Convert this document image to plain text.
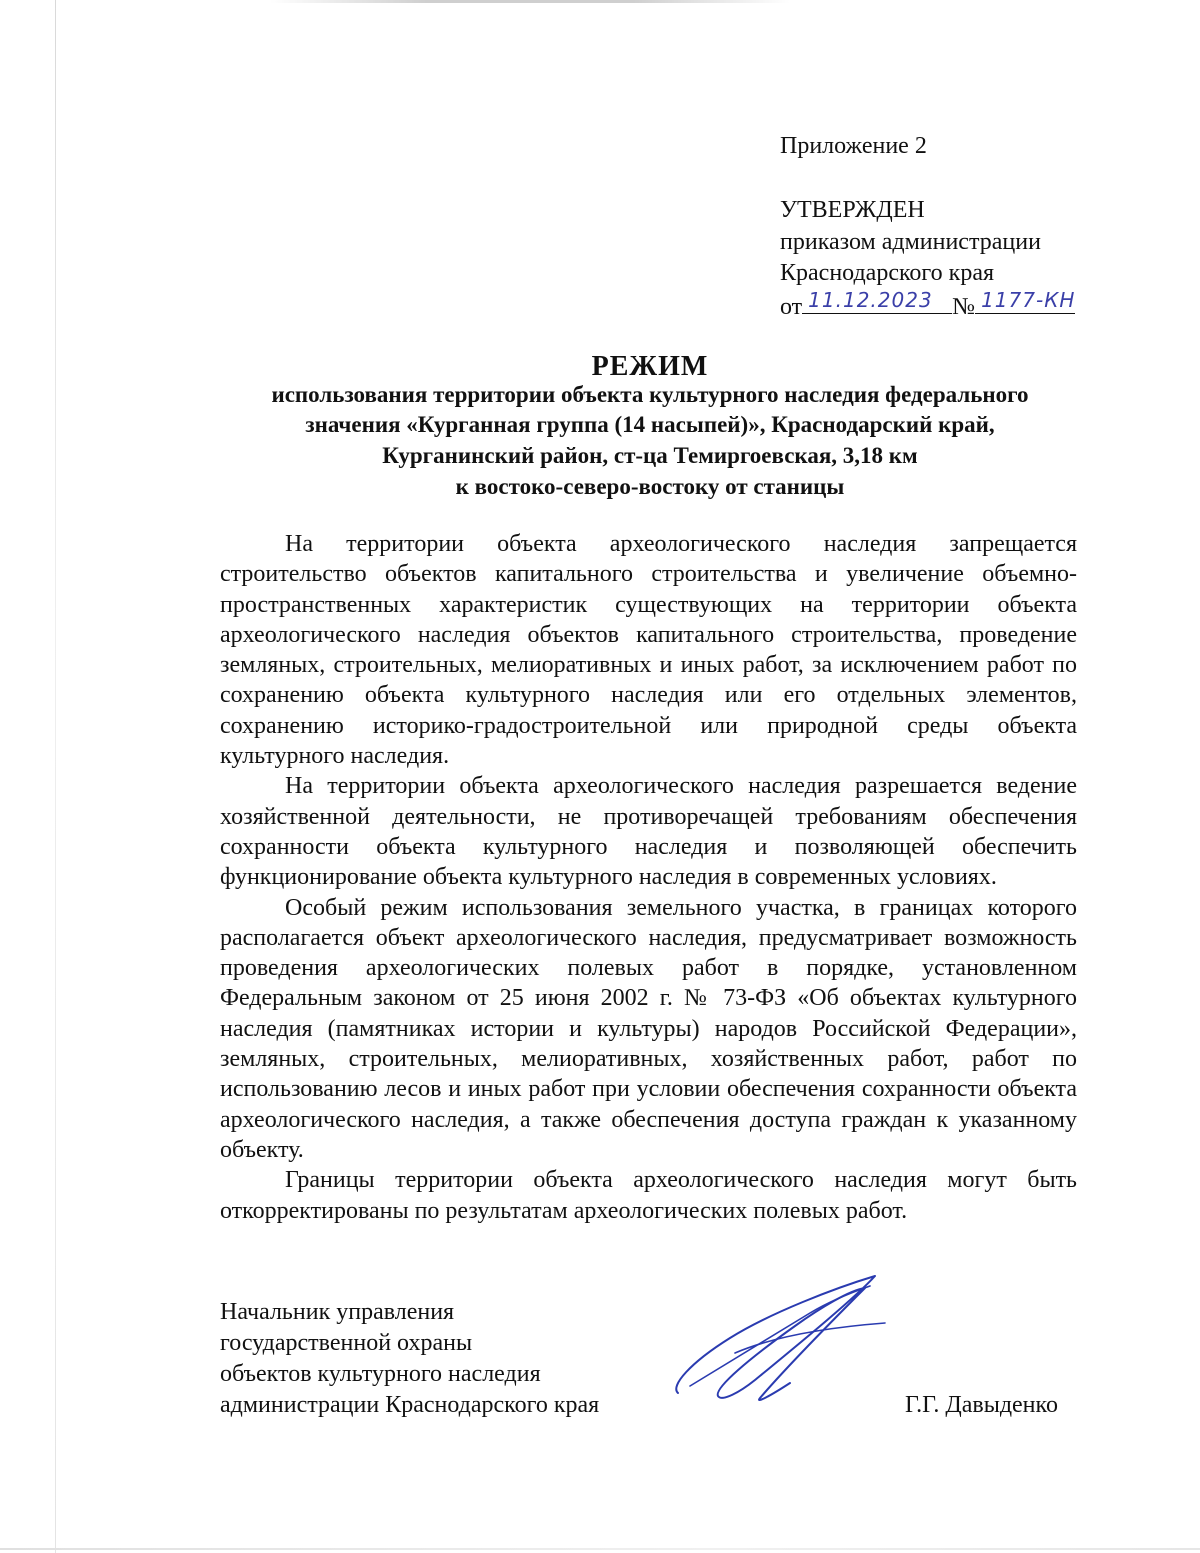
Приложение 2
УТВЕРЖДЕН
приказом администрации
Краснодарского края
от 11.12.2023 № 1177-КН
РЕЖИМ
использования территории объекта культурного наследия федерального
значения «Курганная группа (14 насыпей)», Краснодарский край,
Курганинский район, ст-ца Темиргоевская, 3,18 км
к востоко-северо-востоку от станицы

На территории объекта археологического наследия запрещается строительство объектов капитального строительства и увеличение объемно-пространственных характеристик существующих на территории объекта археологического наследия объектов капитального строительства, проведение земляных, строительных, мелиоративных и иных работ, за исключением работ по сохранению объекта культурного наследия или его отдельных элементов, сохранению историко-градостроительной или природной среды объекта культурного наследия.

На территории объекта археологического наследия разрешается ведение хозяйственной деятельности, не противоречащей требованиям обеспечения сохранности объекта культурного наследия и позволяющей обеспечить функционирование объекта культурного наследия в современных условиях.

Особый режим использования земельного участка, в границах которого располагается объект археологического наследия, предусматривает возможность проведения археологических полевых работ в порядке, установленном Федеральным законом от 25 июня 2002 г. № 73-ФЗ «Об объектах культурного наследия (памятниках истории и культуры) народов Российской Федерации», земляных, строительных, мелиоративных, хозяйственных работ, работ по использованию лесов и иных работ при условии обеспечения сохранности объекта археологического наследия, а также обеспечения доступа граждан к указанному объекту.

Границы территории объекта археологического наследия могут быть откорректированы по результатам археологических полевых работ.

Начальник управления
государственной охраны
объектов культурного наследия
администрации Краснодарского края	Г.Г. Давыденко
